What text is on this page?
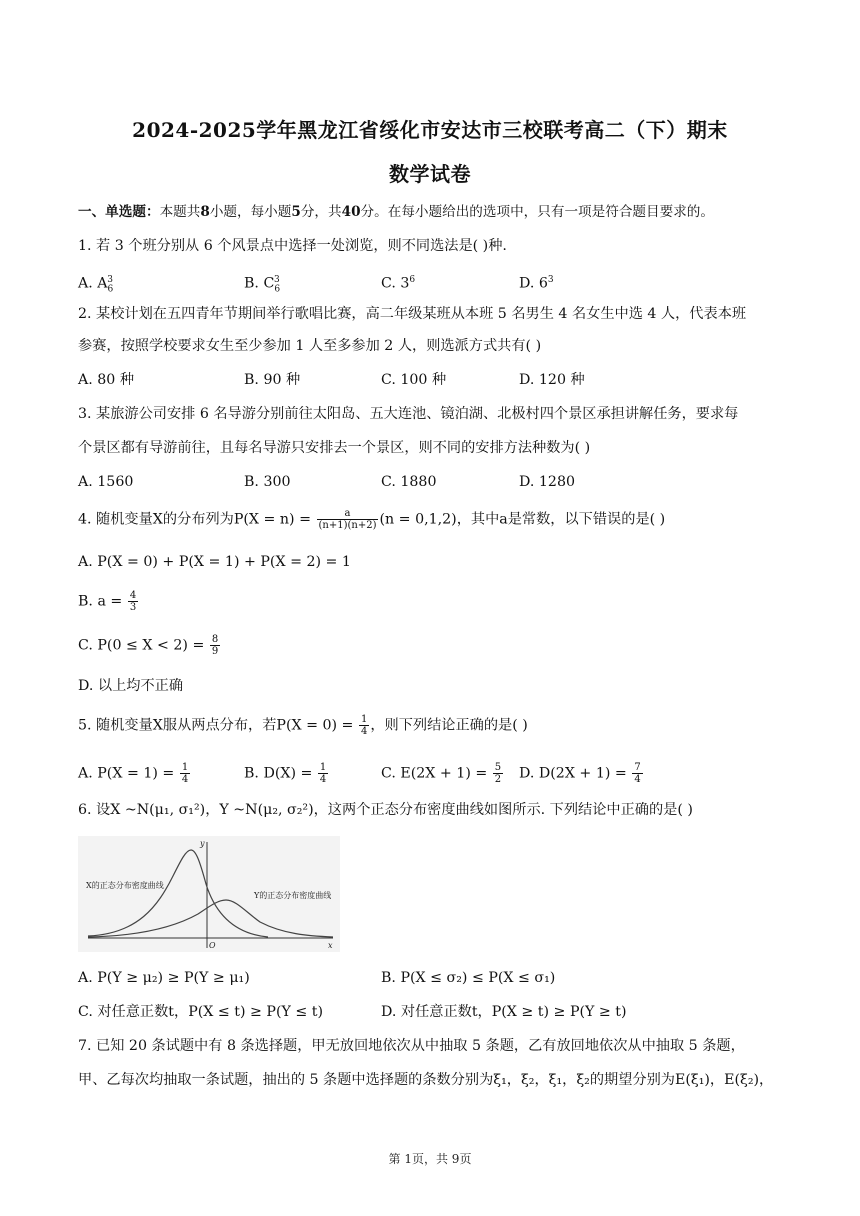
2024-2025学年黑龙江省绥化市安达市三校联考高二（下）期末
数学试卷
一、单选题：本题共8小题，每小题5分，共40分。在每小题给出的选项中，只有一项是符合题目要求的。
1. 若 3 个班分别从 6 个风景点中选择一处浏览，则不同选法是( )种.
A. $A_6^3$	B. $C_6^3$	C. $3^6$	D. $6^3$
2. 某校计划在五四青年节期间举行歌唱比赛，高二年级某班从本班 5 名男生 4 名女生中选 4 人，代表本班
参赛，按照学校要求女生至少参加 1 人至多参加 2 人，则选派方式共有( )
A. 80 种	B. 90 种	C. 100 种	D. 120 种
3. 某旅游公司安排 6 名导游分别前往太阳岛、五大连池、镜泊湖、北极村四个景区承担讲解任务，要求每
个景区都有导游前往，且每名导游只安排去一个景区，则不同的安排方法种数为( )
A. 1560	B. 300	C. 1880	D. 1280
4. 随机变量X的分布列为$P(X = n) = \frac{a}{(n+1)(n+2)} (n = 0,1,2)$，其中a是常数，以下错误的是( )
A. P(X = 0) + P(X = 1) + P(X = 2) = 1
B. $a = \frac{4}{3}$
C. $P(0 \le X < 2) = \frac{8}{9}$
D. 以上均不正确
5. 随机变量X服从两点分布，若$P(X = 0) = \frac{1}{4}$ ，则下列结论正确的是( )
A. $P(X = 1) = \frac{1}{4}$	B. $D(X) = \frac{1}{4}$	C. $E(2X + 1) = \frac{5}{2} D$. $D(2X + 1) = \frac{7}{4}$
6. 设X ~N(μ₁, σ₁²)，Y ~N(μ₂, σ₂²)，这两个正态分布密度曲线如图所示. 下列结论中正确的是( )
X的正态分布密度曲线
Y的正态分布密度曲线
y
x
O
A. P(Y ≥ μ₂) ≥ P(Y ≥ μ₁)	B. P(X ≤ σ₂) ≤ P(X ≤ σ₁)
C. 对任意正数t，P(X ≤ t) ≥ P(Y ≤ t)	D. 对任意正数t，P(X ≥ t) ≥ P(Y ≥ t)
7. 已知 20 条试题中有 8 条选择题，甲无放回地依次从中抽取 5 条题，乙有放回地依次从中抽取 5 条题，
甲、乙每次均抽取一条试题，抽出的 5 条题中选择题的条数分别为ξ₁，ξ₂，ξ₁，ξ₂的期望分别为E(ξ₁)，E(ξ₂)，
第 1页，共 9页
